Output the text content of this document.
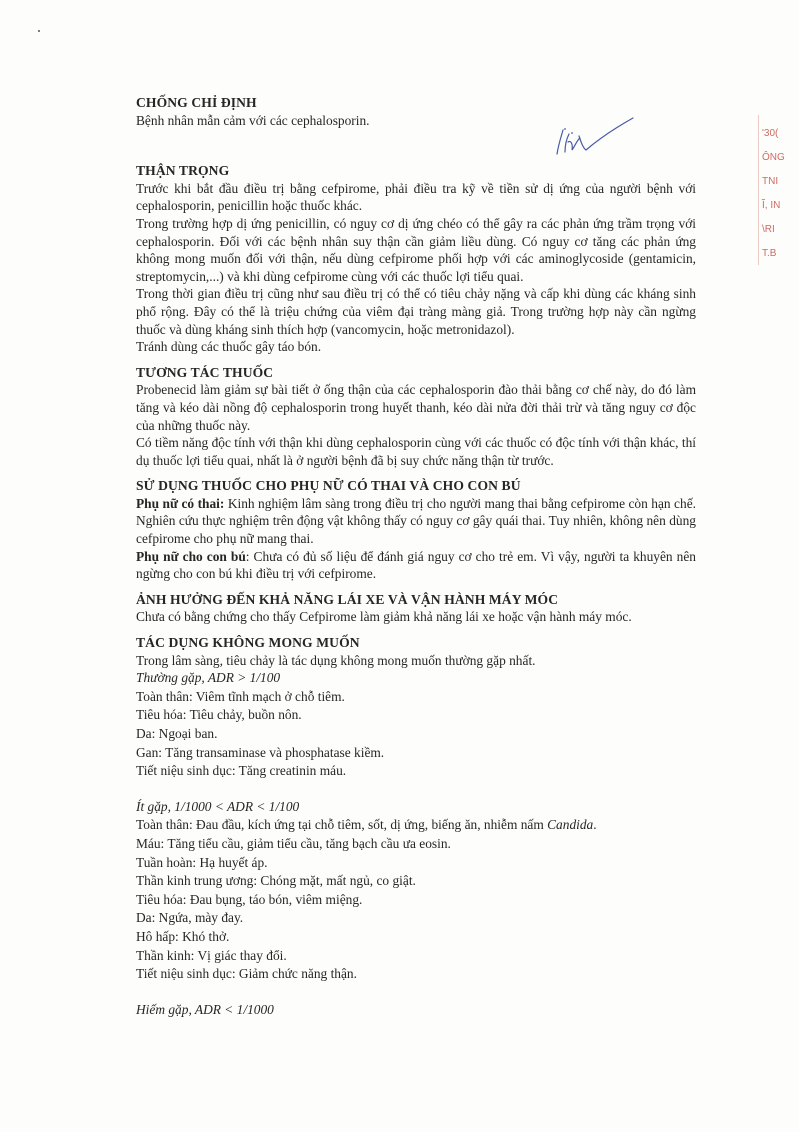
'30(
ÔNG
TNI
Ĩ, IN
\RI
T.B
CHỐNG CHỈ ĐỊNH

Bệnh nhân mẫn cảm với các cephalosporin.

THẬN TRỌNG

Trước khi bắt đầu điều trị bằng cefpirome, phải điều tra kỹ về tiền sử dị ứng của người bệnh với cephalosporin, penicillin hoặc thuốc khác.

Trong trường hợp dị ứng penicillin, có nguy cơ dị ứng chéo có thể gây ra các phản ứng trầm trọng với cephalosporin. Đối với các bệnh nhân suy thận cần giảm liều dùng. Có nguy cơ tăng các phản ứng không mong muốn đối với thận, nếu dùng cefpirome phối hợp với các aminoglycoside (gentamicin, streptomycin,...) và khi dùng cefpirome cùng với các thuốc lợi tiểu quai.

Trong thời gian điều trị cũng như sau điều trị có thể có tiêu chảy nặng và cấp khi dùng các kháng sinh phổ rộng. Đây có thể là triệu chứng của viêm đại tràng màng giả. Trong trường hợp này cần ngừng thuốc và dùng kháng sinh thích hợp (vancomycin, hoặc metronidazol).

Tránh dùng các thuốc gây táo bón.

TƯƠNG TÁC THUỐC

Probenecid làm giảm sự bài tiết ở ống thận của các cephalosporin đào thải bằng cơ chế này, do đó làm tăng và kéo dài nồng độ cephalosporin trong huyết thanh, kéo dài nửa đời thải trừ và tăng nguy cơ độc của những thuốc này.

Có tiềm năng độc tính với thận khi dùng cephalosporin cùng với các thuốc có độc tính với thận khác, thí dụ thuốc lợi tiểu quai, nhất là ở người bệnh đã bị suy chức năng thận từ trước.

SỬ DỤNG THUỐC CHO PHỤ NỮ CÓ THAI VÀ CHO CON BÚ

Phụ nữ có thai: Kinh nghiệm lâm sàng trong điều trị cho người mang thai bằng cefpirome còn hạn chế. Nghiên cứu thực nghiệm trên động vật không thấy có nguy cơ gây quái thai. Tuy nhiên, không nên dùng cefpirome cho phụ nữ mang thai.

Phụ nữ cho con bú: Chưa có đủ số liệu để đánh giá nguy cơ cho trẻ em. Vì vậy, người ta khuyên nên ngừng cho con bú khi điều trị với cefpirome.

ẢNH HƯỞNG ĐẾN KHẢ NĂNG LÁI XE VÀ VẬN HÀNH MÁY MÓC

Chưa có bằng chứng cho thấy Cefpirome làm giảm khả năng lái xe hoặc vận hành máy móc.

TÁC DỤNG KHÔNG MONG MUỐN

Trong lâm sàng, tiêu chảy là tác dụng không mong muốn thường gặp nhất.

Thường gặp, ADR > 1/100

Toàn thân: Viêm tĩnh mạch ở chỗ tiêm.

Tiêu hóa: Tiêu chảy, buồn nôn.

Da: Ngoại ban.

Gan: Tăng transaminase và phosphatase kiềm.

Tiết niệu sinh dục: Tăng creatinin máu.

Ít gặp, 1/1000 < ADR < 1/100

Toàn thân: Đau đầu, kích ứng tại chỗ tiêm, sốt, dị ứng, biếng ăn, nhiễm nấm Candida.

Máu: Tăng tiểu cầu, giảm tiểu cầu, tăng bạch cầu ưa eosin.

Tuần hoàn: Hạ huyết áp.

Thần kinh trung ương: Chóng mặt, mất ngủ, co giật.

Tiêu hóa: Đau bụng, táo bón, viêm miệng.

Da: Ngứa, mày đay.

Hô hấp: Khó thở.

Thần kinh: Vị giác thay đổi.

Tiết niệu sinh dục: Giảm chức năng thận.

Hiếm gặp, ADR < 1/1000
